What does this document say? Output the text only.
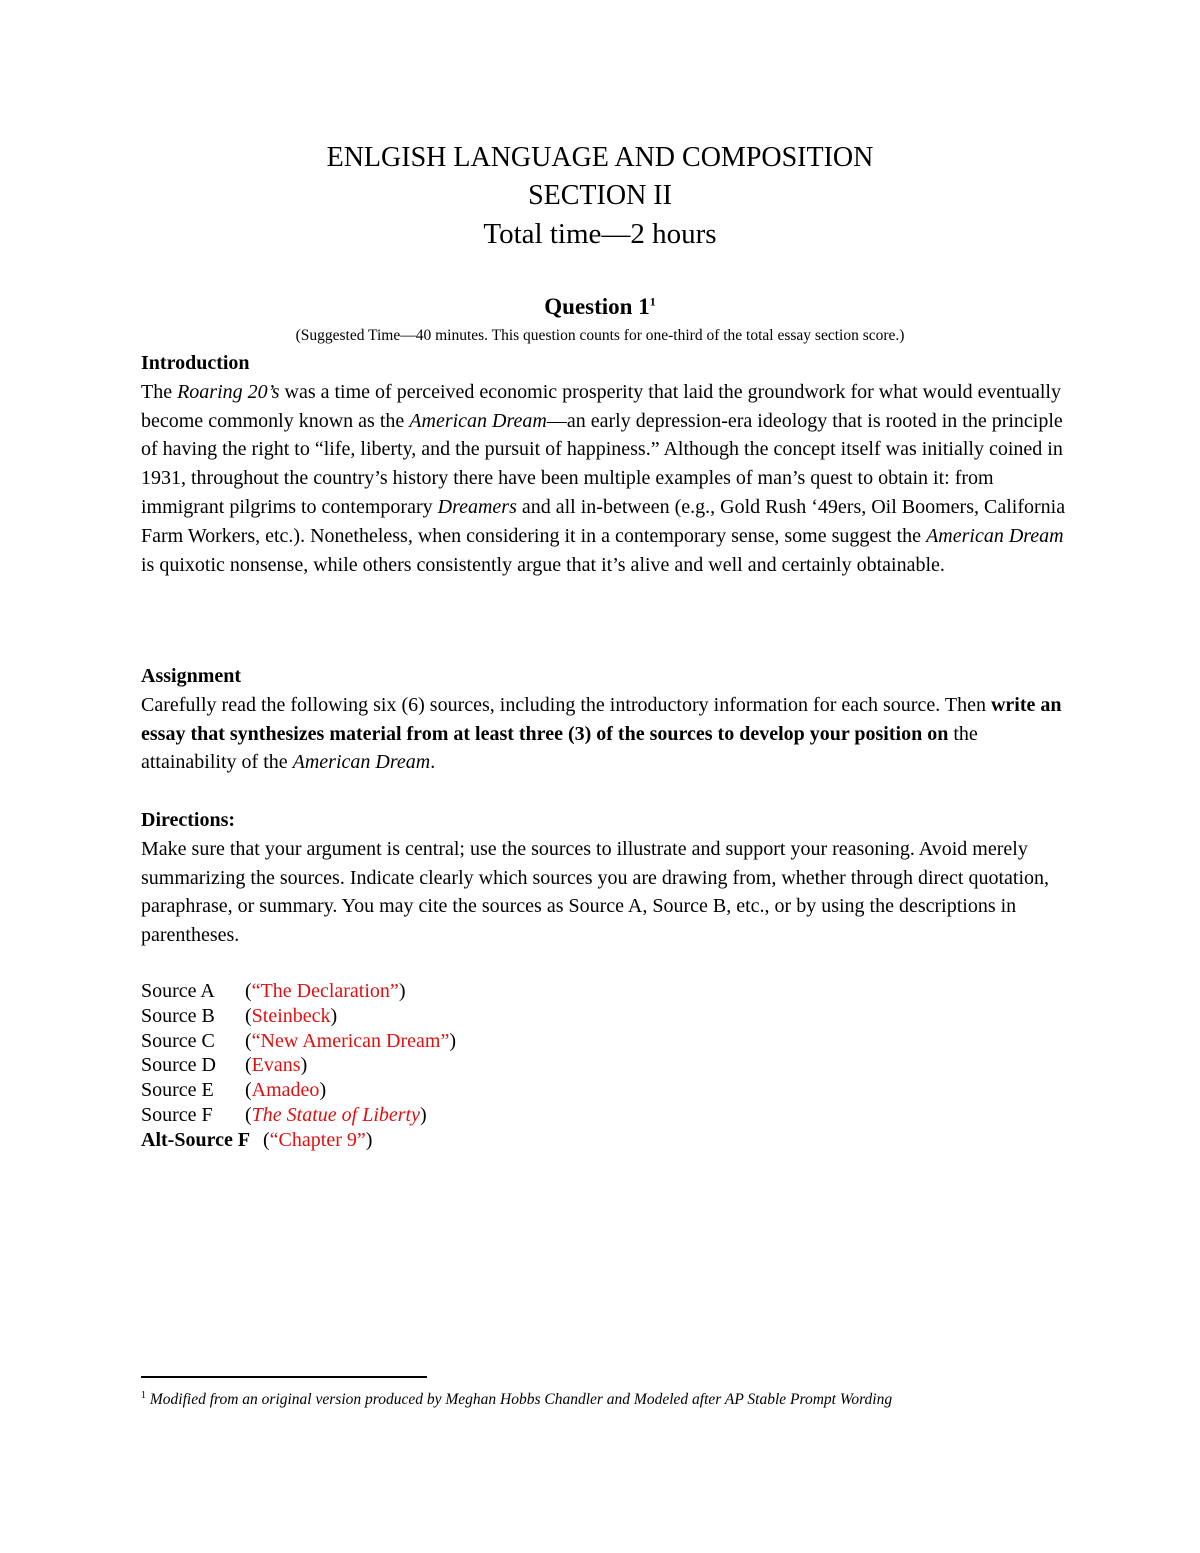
ENLGISH LANGUAGE AND COMPOSITION
SECTION II
Total time—2 hours
Question $1^1$
(Suggested Time—40 minutes. This question counts for one-third of the total essay section score.)
Introduction
The Roaring 20’s was a time of perceived economic prosperity that laid the groundwork for what would eventually become commonly known as the American Dream—an early depression-era ideology that is rooted in the principle of having the right to “life, liberty, and the pursuit of happiness.” Although the concept itself was initially coined in 1931, throughout the country’s history there have been multiple examples of man’s quest to obtain it: from immigrant pilgrims to contemporary Dreamers and all in-between (e.g., Gold Rush ‘49ers, Oil Boomers, California Farm Workers, etc.). Nonetheless, when considering it in a contemporary sense, some suggest the American Dream is quixotic nonsense, while others consistently argue that it’s alive and well and certainly obtainable.
Assignment
Carefully read the following six (6) sources, including the introductory information for each source. Then write an essay that synthesizes material from at least three (3) of the sources to develop your position on the attainability of the American Dream.
Directions:
Make sure that your argument is central; use the sources to illustrate and support your reasoning. Avoid merely summarizing the sources. Indicate clearly which sources you are drawing from, whether through direct quotation, paraphrase, or summary. You may cite the sources as Source A, Source B, etc., or by using the descriptions in parentheses.
Source A (“The Declaration”)
Source B (Steinbeck)
Source C (“New American Dream”)
Source D (Evans)
Source E (Amadeo)
Source F (The Statue of Liberty)
Alt-Source F (“Chapter 9”)
$^1$ Modified from an original version produced by Meghan Hobbs Chandler and Modeled after AP Stable Prompt Wording
